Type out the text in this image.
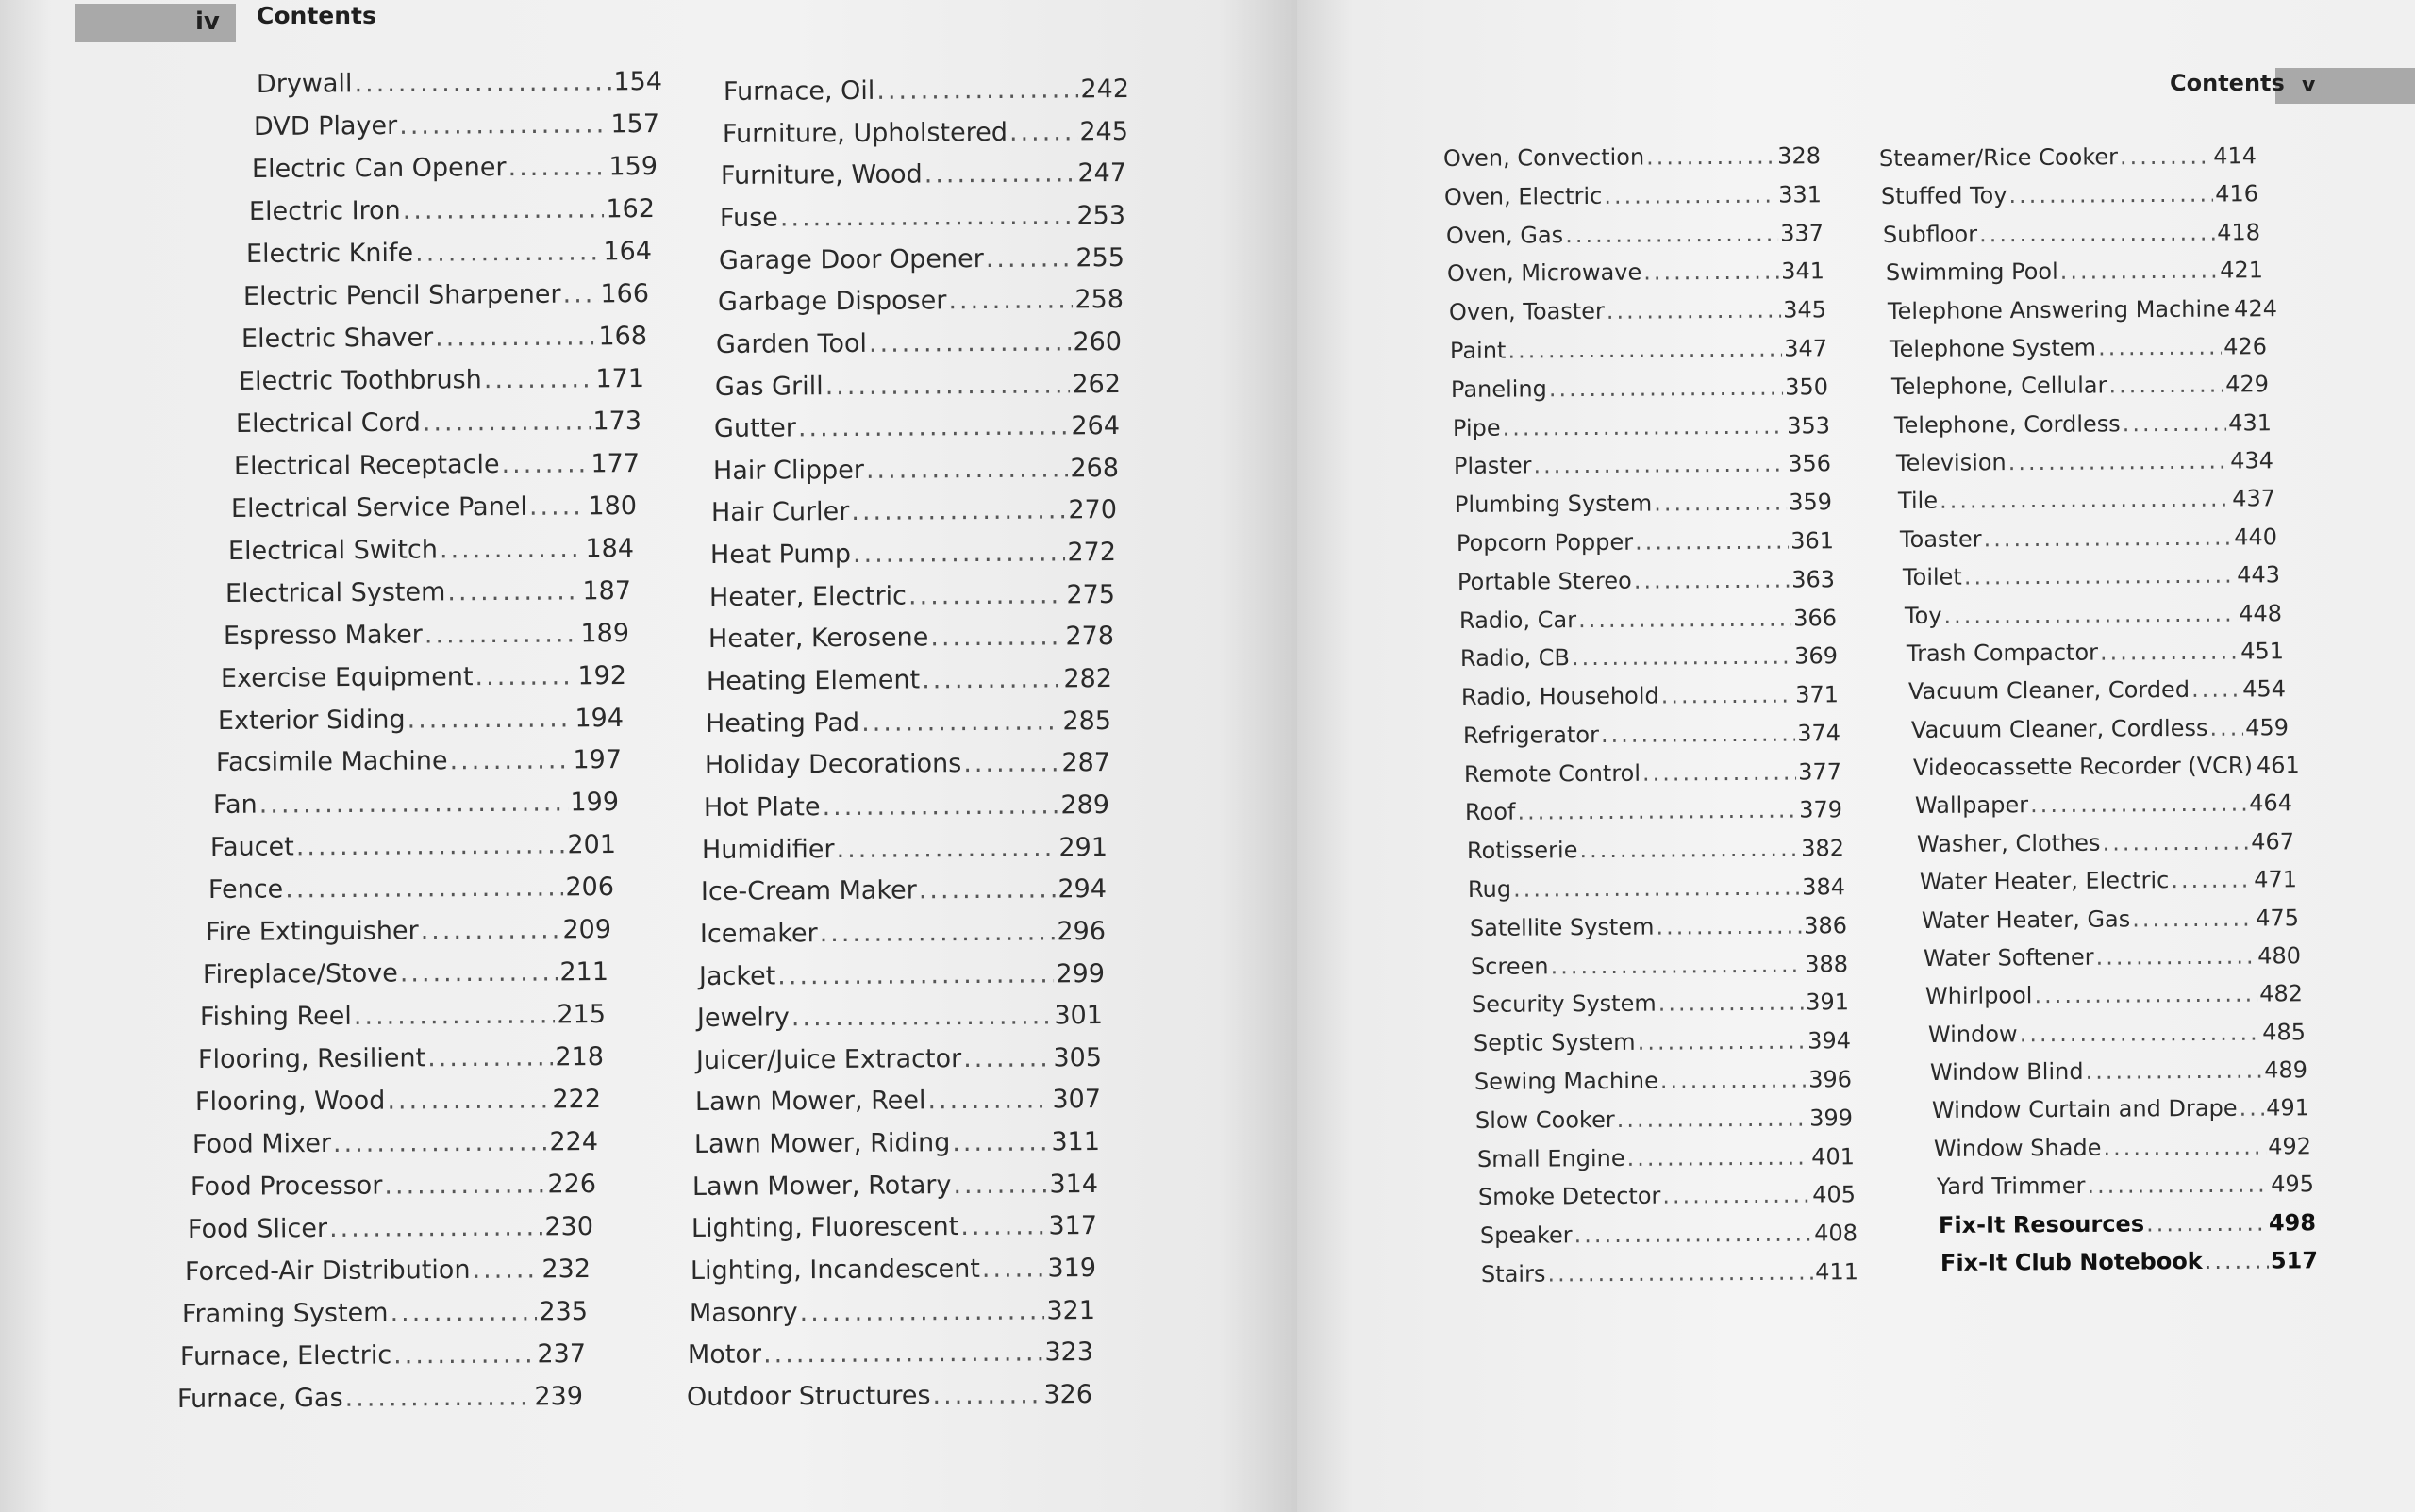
iv Contents
Drywall .....	154
DVD Player .....	157
Electric Can Opener .....	159
Electric Iron .....	162
Electric Knife .....	164
Electric Pencil Sharpener ..... 166
Electric Shaver .....	168
Electric Toothbrush .....	171
Electrical Cord .....	173
Electrical Receptacle .....	177
Electrical Service Panel ..... 180
Electrical Switch .....	184
Electrical System .....	187
Espresso Maker .....	189
Exercise Equipment .....	192
Exterior Siding .....	194
Facsimile Machine .....	197
Fan .....	199
Faucet .....	201
Fence .....	206
Fire Extinguisher .....	209
Fireplace/Stove .....	211
Fishing Reel .....	215
Flooring, Resilient .....	218
Flooring, Wood .....	222
Food Mixer .....	224
Food Processor .....	226
Food Slicer .....	230
Forced-Air Distribution .....	232
Framing System .....	235
Furnace, Electric .....	237
Furnace, Gas .....	239
Furnace, Oil .....	242
Furniture, Upholstered .....	245
Furniture, Wood .....	247
Fuse .....	253
Garage Door Opener .....	255
Garbage Disposer .....	258
Garden Tool .....	260
Gas Grill .....	262
Gutter .....	264
Hair Clipper .....	268
Hair Curler .....	270
Heat Pump .....	272
Heater, Electric .....	275
Heater, Kerosene .....	278
Heating Element .....	282
Heating Pad .....	285
Holiday Decorations .....	287
Hot Plate .....	289
Humidifier .....	291
Ice-Cream Maker .....	294
Icemaker .....	296
Jacket .....	299
Jewelry .....	301
Juicer/Juice Extractor .....	305
Lawn Mower, Reel .....	307
Lawn Mower, Riding .....	311
Lawn Mower, Rotary .....	314
Lighting, Fluorescent .....	317
Lighting, Incandescent .....	319
Masonry .....	321
Motor .....	323
Outdoor Structures .....	326
Contents v
Oven, Convection .....	328
Oven, Electric .....	331
Oven, Gas .....	337
Oven, Microwave .....	341
Oven, Toaster .....	345
Paint .....	347
Paneling .....	350
Pipe .....	353
Plaster .....	356
Plumbing System .....	359
Popcorn Popper .....	361
Portable Stereo .....	363
Radio, Car .....	366
Radio, CB .....	369
Radio, Household .....	371
Refrigerator .....	374
Remote Control .....	377
Roof .....	379
Rotisserie .....	382
Rug .....	384
Satellite System .....	386
Screen .....	388
Security System .....	391
Septic System .....	394
Sewing Machine .....	396
Slow Cooker .....	399
Small Engine .....	401
Smoke Detector .....	405
Speaker .....	408
Stairs .....	411
Steamer/Rice Cooker .....	414
Stuffed Toy .....	416
Subfloor .....	418
Swimming Pool .....	421
Telephone Answering Machine ..... 424
Telephone System .....	426
Telephone, Cellular .....	429
Telephone, Cordless .....	431
Television .....	434
Tile .....	437
Toaster .....	440
Toilet .....	443
Toy .....	448
Trash Compactor .....	451
Vacuum Cleaner, Corded ..... 454
Vacuum Cleaner, Cordless ..... 459
Videocassette Recorder (VCR) ..... 461
Wallpaper .....	464
Washer, Clothes .....	467
Water Heater, Electric .....	471
Water Heater, Gas .....	475
Water Softener .....	480
Whirlpool .....	482
Window .....	485
Window Blind .....	489
Window Curtain and Drape ..... 491
Window Shade .....	492
Yard Trimmer .....	495
Fix-It Resources .....	498
Fix-It Club Notebook .....	517
